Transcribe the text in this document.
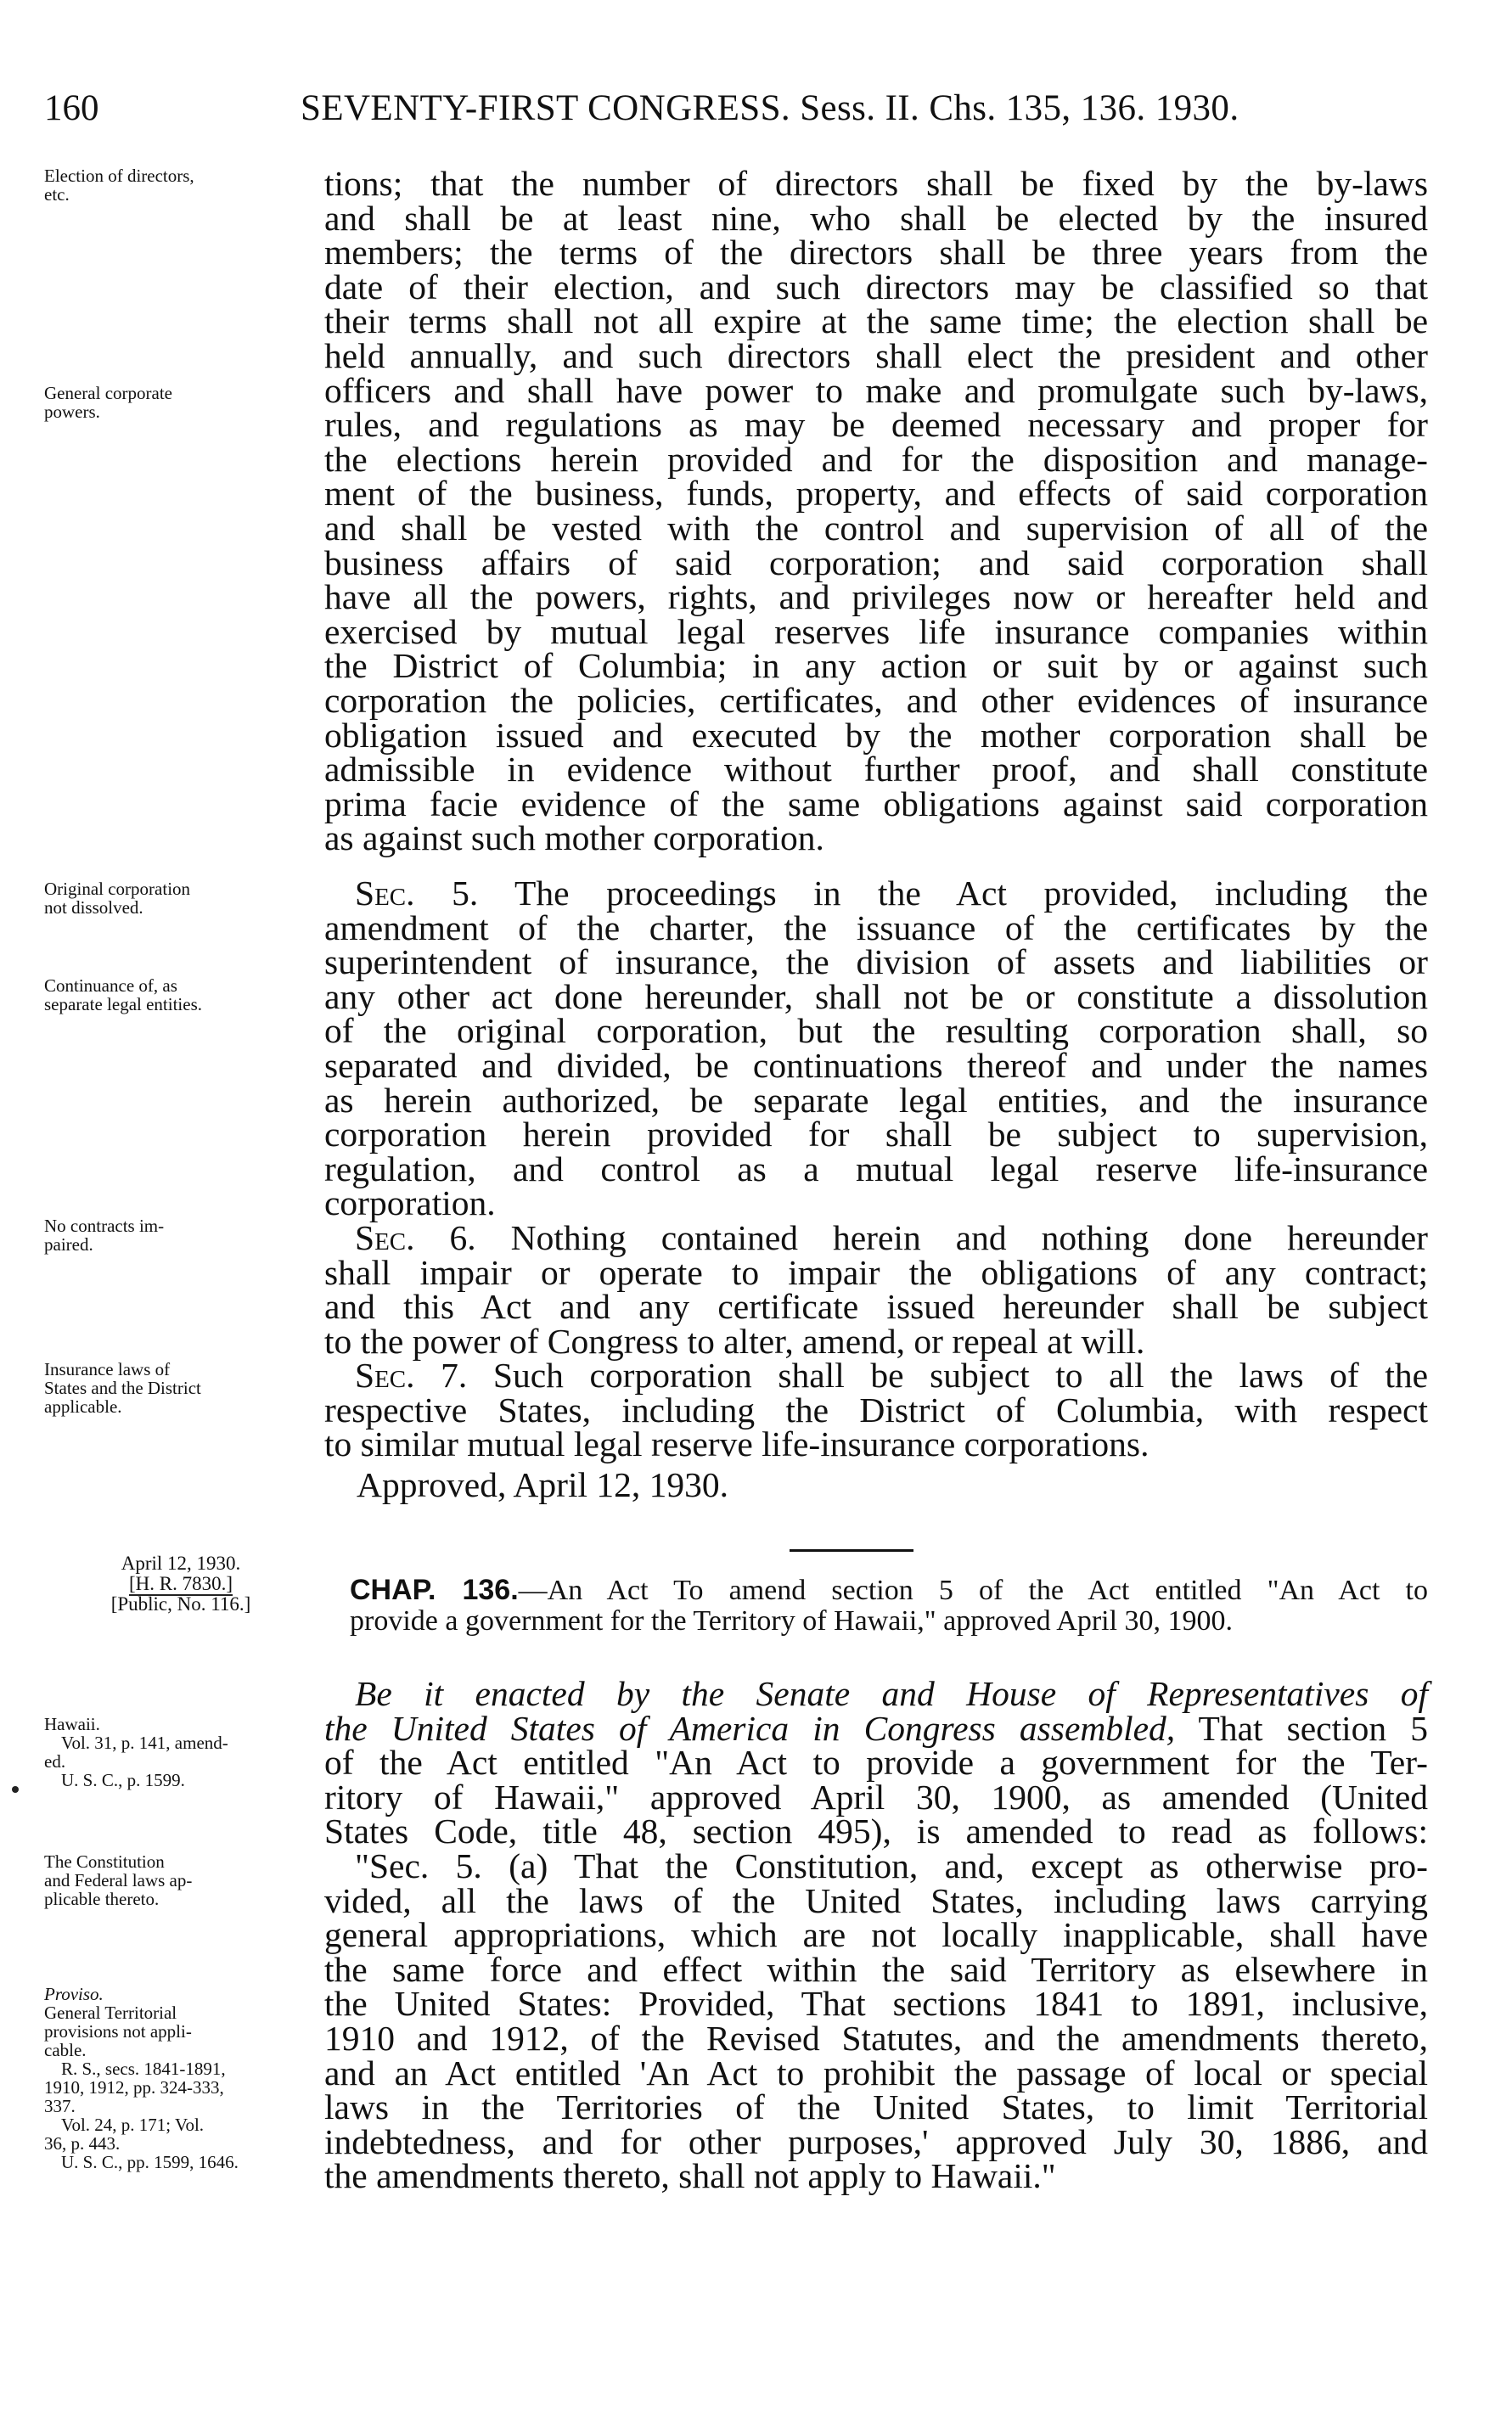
160	SEVENTY-FIRST CONGRESS. Sess. II. Chs. 135, 136. 1930.
Election of directors,
etc.
General corporate
powers.
Original corporation
not dissolved.
Continuance of, as
separate legal entities.
No contracts im-
paired.
Insurance laws of
States and the District
applicable.
tions; that the number of directors shall be fixed by the by-laws
and shall be at least nine, who shall be elected by the insured
members; the terms of the directors shall be three years from the
date of their election, and such directors may be classified so that
their terms shall not all expire at the same time; the election shall be
held annually, and such directors shall elect the president and other
officers and shall have power to make and promulgate such by-laws,
rules, and regulations as may be deemed necessary and proper for
the elections herein provided and for the disposition and manage-
ment of the business, funds, property, and effects of said corporation
and shall be vested with the control and supervision of all of the
business affairs of said corporation; and said corporation shall
have all the powers, rights, and privileges now or hereafter held and
exercised by mutual legal reserves life insurance companies within
the District of Columbia; in any action or suit by or against such
corporation the policies, certificates, and other evidences of insurance
obligation issued and executed by the mother corporation shall be
admissible in evidence without further proof, and shall constitute
prima facie evidence of the same obligations against said corporation
as against such mother corporation.
Sec. 5. The proceedings in the Act provided, including the
amendment of the charter, the issuance of the certificates by the
superintendent of insurance, the division of assets and liabilities or
any other act done hereunder, shall not be or constitute a dissolution
of the original corporation, but the resulting corporation shall, so
separated and divided, be continuations thereof and under the names
as herein authorized, be separate legal entities, and the insurance
corporation herein provided for shall be subject to supervision,
regulation, and control as a mutual legal reserve life-insurance
corporation.
Sec. 6. Nothing contained herein and nothing done hereunder
shall impair or operate to impair the obligations of any contract;
and this Act and any certificate issued hereunder shall be subject
to the power of Congress to alter, amend, or repeal at will.
Sec. 7. Such corporation shall be subject to all the laws of the
respective States, including the District of Columbia, with respect
to similar mutual legal reserve life-insurance corporations.
Approved, April 12, 1930.
April 12, 1930.
[H. R. 7830.]
[Public, No. 116.]	CHAP. 136.—An Act To amend section 5 of the Act entitled "An Act to
provide a government for the Territory of Hawaii," approved April 30, 1900.
Hawaii.
Vol. 31, p. 141, amend-
ed.
U. S. C., p. 1599.
The Constitution
and Federal laws ap-
plicable thereto.
Proviso.
General Territorial
provisions not appli-
cable.
R. S., secs. 1841-1891,
1910, 1912, pp. 324-333,
337.
Vol. 24, p. 171; Vol.
36, p. 443.
U. S. C., pp. 1599, 1646.
Be it enacted by the Senate and House of Representatives of
the United States of America in Congress assembled, That section 5
of the Act entitled "An Act to provide a government for the Ter-
ritory of Hawaii," approved April 30, 1900, as amended (United
States Code, title 48, section 495), is amended to read as follows:
"Sec. 5. (a) That the Constitution, and, except as otherwise pro-
vided, all the laws of the United States, including laws carrying
general appropriations, which are not locally inapplicable, shall have
the same force and effect within the said Territory as elsewhere in
the United States: Provided, That sections 1841 to 1891, inclusive,
1910 and 1912, of the Revised Statutes, and the amendments thereto,
and an Act entitled 'An Act to prohibit the passage of local or special
laws in the Territories of the United States, to limit Territorial
indebtedness, and for other purposes,' approved July 30, 1886, and
the amendments thereto, shall not apply to Hawaii."
